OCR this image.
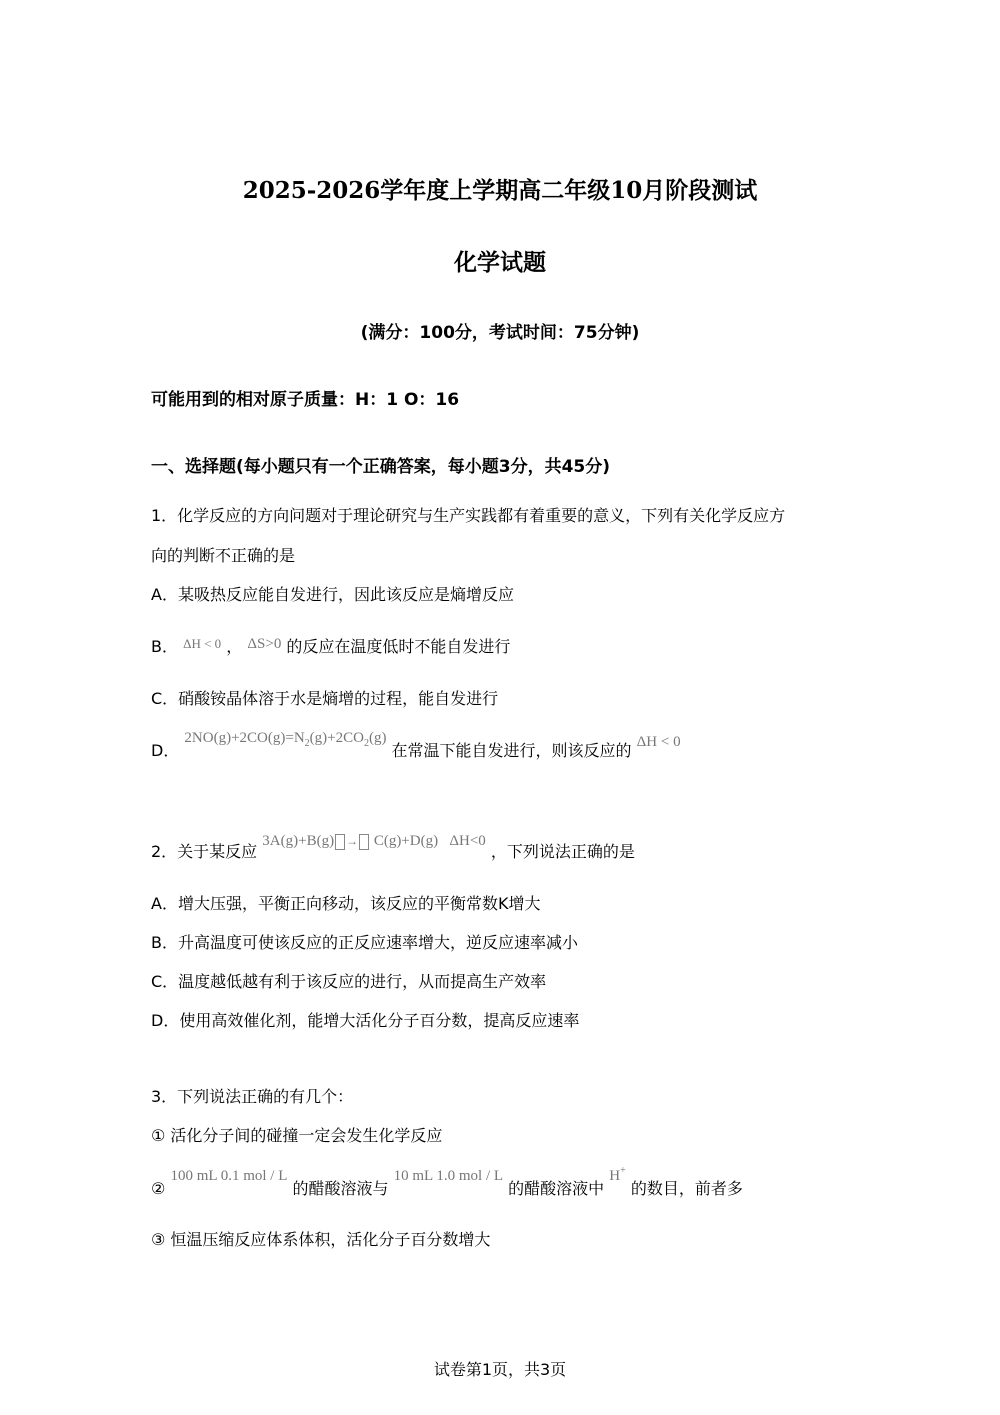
2025-2026学年度上学期高二年级10月阶段测试
化学试题
(满分：100分，考试时间：75分钟)
可能用到的相对原子质量：H：1 O：16
一、选择题(每小题只有一个正确答案，每小题3分，共45分)
1．化学反应的方向问题对于理论研究与生产实践都有着重要的意义，下列有关化学反应方
向的判断不正确的是
A．某吸热反应能自发进行，因此该反应是熵增反应
B． $^{\Delta H < 0}$ ， ΔS>0 的反应在温度低时不能自发进行
C．硝酸铵晶体溶于水是熵增的过程，能自发进行
D． $2NO(g)+2CO(g)=N_2(g)+2CO_2(g)$ 在常温下能自发进行，则该反应的 ΔH < 0
2．关于某反应 3A(g)+B(g) → C(g)+D(g) ΔH<0 ，下列说法正确的是
A．增大压强，平衡正向移动，该反应的平衡常数K增大
B．升高温度可使该反应的正反应速率增大，逆反应速率减小
C．温度越低越有利于该反应的进行，从而提高生产效率
D．使用高效催化剂，能增大活化分子百分数，提高反应速率
3．下列说法正确的有几个：
① 活化分子间的碰撞一定会发生化学反应
② 100 mL 0.1 mol / L 的醋酸溶液与 10 mL 1.0 mol / L 的醋酸溶液中 H+ 的数目，前者多
③ 恒温压缩反应体系体积，活化分子百分数增大
试卷第1页，共3页
